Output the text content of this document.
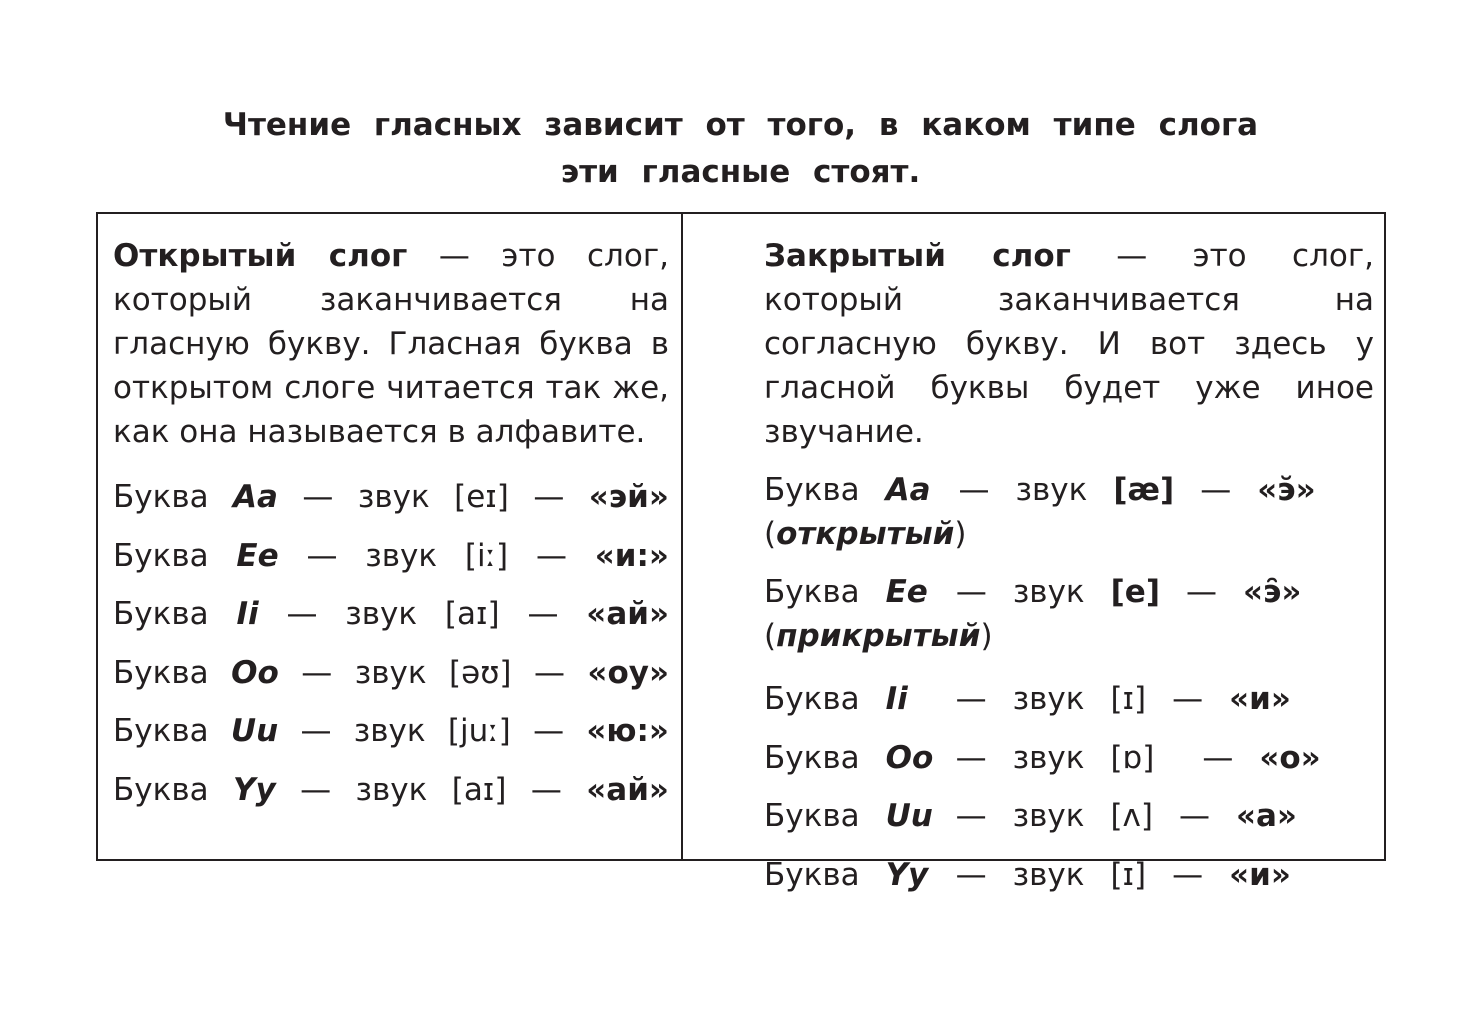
Чтение гласных зависит от того, в каком типе слога
эти гласные стоят.

Открытый слог — это слог, который заканчивается на гласную букву. Гласная буква в открытом слоге читается так же, как она называется в алфавите.

Буква Aa — звук [eɪ] — «эй»
Буква Ee — звук [iː] — «и:»
Буква Ii — звук [aɪ] — «ай»
Буква Oo — звук [əʊ] — «оу»
Буква Uu — звук [juː] — «ю:»
Буква Yy — звук [aɪ] — «ай»

Закрытый слог — это слог, который заканчивается на согласную букву. И вот здесь у гласной буквы будет уже иное звучание.

Буква Aa — звук [æ] — «э̆»
(открытый)
Буква Ee — звук [e] — «э̑»
(прикрытый)
Буква Ii	— звук [ɪ] — «и»
Буква Oo — звук [ɒ] — «о»
Буква Uu — звук [ʌ] — «а»
Буква Yy — звук [ɪ] — «и»
